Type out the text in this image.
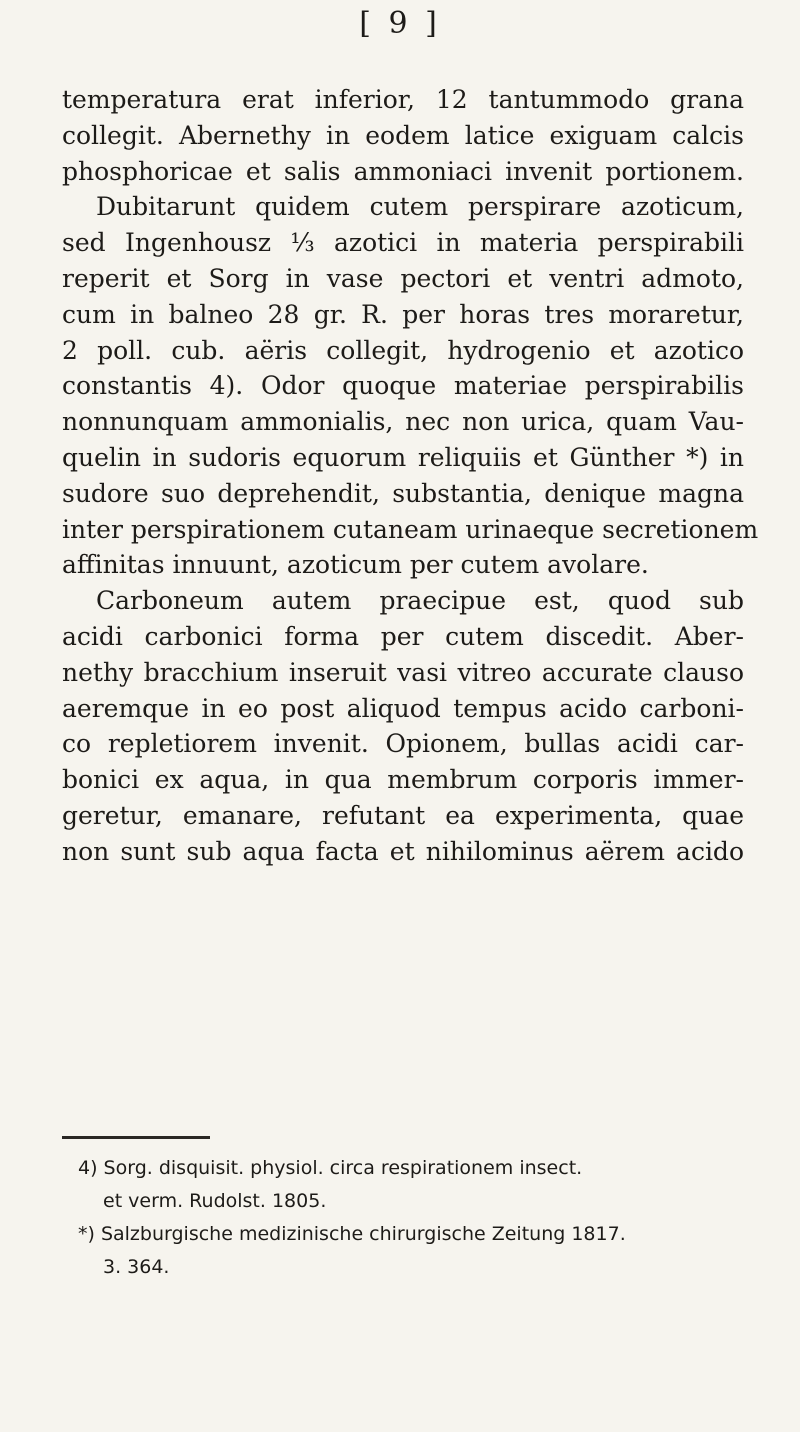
[ 9 ]
temperatura erat inferior, 12 tantummodo grana
collegit. Abernethy in eodem latice exiguam calcis
phosphoricae et salis ammoniaci invenit portionem.
Dubitarunt quidem cutem perspirare azoticum,
sed Ingenhousz ⅓ azotici in materia perspirabili
reperit et Sorg in vase pectori et ventri admoto,
cum in balneo 28 gr. R. per horas tres moraretur,
2 poll. cub. aëris collegit, hydrogenio et azotico
constantis 4). Odor quoque materiae perspirabilis
nonnunquam ammonialis, nec non urica, quam Vau-
quelin in sudoris equorum reliquiis et Günther *) in
sudore suo deprehendit, substantia, denique magna
inter perspirationem cutaneam urinaeque secretionem
affinitas innuunt, azoticum per cutem avolare.
Carboneum autem praecipue est, quod sub
acidi carbonici forma per cutem discedit. Aber-
nethy bracchium inseruit vasi vitreo accurate clauso
aeremque in eo post aliquod tempus acido carboni-
co repletiorem invenit. Opionem, bullas acidi car-
bonici ex aqua, in qua membrum corporis immer-
geretur, emanare, refutant ea experimenta, quae
non sunt sub aqua facta et nihilominus aërem acido
4) Sorg. disquisit. physiol. circa respirationem insect.
et verm. Rudolst. 1805.
*) Salzburgische medizinische chirurgische Zeitung 1817.
3. 364.
